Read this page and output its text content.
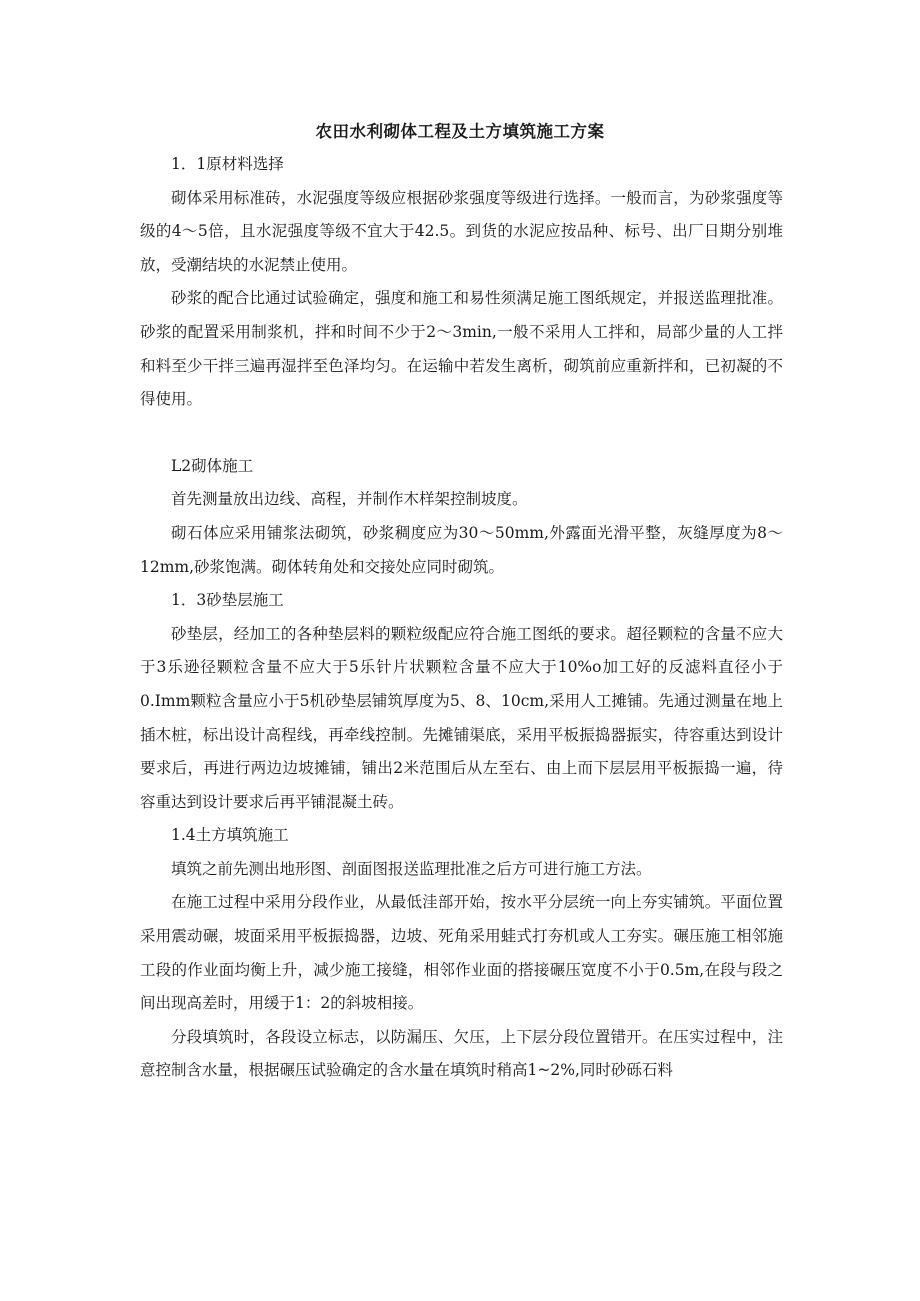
农田水利砌体工程及土方填筑施工方案

1．1原材料选择

砌体采用标准砖，水泥强度等级应根据砂浆强度等级进行选择。一般而言，为砂浆强度等级的4～5倍，且水泥强度等级不宜大于42.5。到货的水泥应按品种、标号、出厂日期分别堆放，受潮结块的水泥禁止使用。

砂浆的配合比通过试验确定，强度和施工和易性须满足施工图纸规定，并报送监理批准。砂浆的配置采用制浆机，拌和时间不少于2～3min,一般不采用人工拌和，局部少量的人工拌和料至少干拌三遍再湿拌至色泽均匀。在运输中若发生离析，砌筑前应重新拌和，已初凝的不得使用。

L2砌体施工

首先测量放出边线、高程，并制作木样架控制坡度。

砌石体应采用铺浆法砌筑，砂浆稠度应为30～50mm,外露面光滑平整，灰缝厚度为8～12mm,砂浆饱满。砌体转角处和交接处应同时砌筑。

1．3砂垫层施工

砂垫层，经加工的各种垫层料的颗粒级配应符合施工图纸的要求。超径颗粒的含量不应大于3乐逊径颗粒含量不应大于5乐针片状颗粒含量不应大于10%o加工好的反滤料直径小于0.Imm颗粒含量应小于5机砂垫层铺筑厚度为5、8、10cm,采用人工摊铺。先通过测量在地上插木桩，标出设计高程线，再牵线控制。先摊铺渠底，采用平板振捣器振实，待容重达到设计要求后，再进行两边边坡摊铺，铺出2米范围后从左至右、由上而下层层用平板振捣一遍，待容重达到设计要求后再平铺混凝土砖。

1.4土方填筑施工

填筑之前先测出地形图、剖面图报送监理批准之后方可进行施工方法。

在施工过程中采用分段作业，从最低洼部开始，按水平分层统一向上夯实铺筑。平面位置采用震动碾，坡面采用平板振捣器，边坡、死角采用蛙式打夯机或人工夯实。碾压施工相邻施工段的作业面均衡上升，减少施工接缝，相邻作业面的搭接碾压宽度不小于0.5m,在段与段之间出现高差时，用缓于1：2的斜坡相接。

分段填筑时，各段设立标志，以防漏压、欠压，上下层分段位置错开。在压实过程中，注意控制含水量，根据碾压试验确定的含水量在填筑时稍高1~2%,同时砂砾石料
